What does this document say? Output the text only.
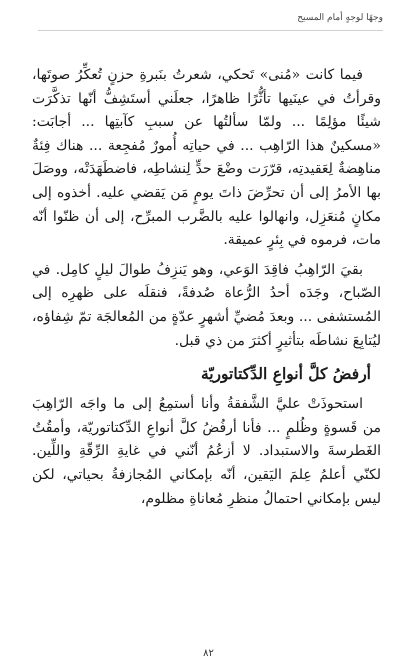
وجهًا لوجهٍ أمام المسيح

فيما كانت «مُنى» تَحكي، شعرتُ بنَبرةِ حزنٍ تُعكِّرُ صوتَها، وقرأتُ في عينَيها تأثُّرًا ظاهرًا، جعلَني أستَشِفُّ أنّها تذكَّرَت شيئًا مؤلِمًا ... ولمّا سألتُها عن سببِ كآبتِها ... أجابَت: «مسكينٌ هذا الرّاهِب ... في حياتِه أُمورٌ مُفجِعة ... هناك فِئةٌ مناهِضةٌ لِعَقيدتِه، قرّرَت وضْعَ حدٍّ لِنشاطِه، فاضطَهَدَتْه، ووصَلَ بها الأمرُ إلى أن تحرِّضَ ذاتَ يومٍ مَن يَقضي عليه. أخذوه إلى مكانٍ مُنعَزِل، وانهالوا عليه بالضَّرب المبرِّح، إلى أن ظنّوا أنّه مات، فرموه في بِئرٍ عميقة.

بقيَ الرّاهِبُ فاقِدَ الوَعي، وهو يَنزِفُ طوالَ ليلٍ كامِل. في الصّباح، وجَدَه أحدُ الرُّعاة صُدفةً، فنقلَه على ظهرِه إلى المُستشفى ... وبعدَ مُضيِّ أشهرٍ عدّةٍ من المُعالجَة تمّ شِفاؤه، ليُتابِعَ نشاطَه بتأثيرٍ أكثرَ من ذي قبل.

أرفضُ كلَّ أنواعِ الدِّكتاتوريّة

استحوذَتْ عليَّ الشَّفقةُ وأنا أستمِعُ إلى ما واجَه الرّاهِبَ من قَسوةٍ وظُلمٍ ... فأنا أرفُضُ كلَّ أنواعِ الدِّكتاتوريّة، وأمقُتُ الغَطرسةَ والاستبداد. لا أزعُمُ أنّني في غايةِ الرِّقّةِ واللِّين. لكنّي أعلمُ عِلمَ اليَقين، أنّه بإمكاني المُجازفةُ بحياتي، لكن ليس بإمكاني احتمالُ منظرِ مُعاناةِ مظلوم،

٨٢
